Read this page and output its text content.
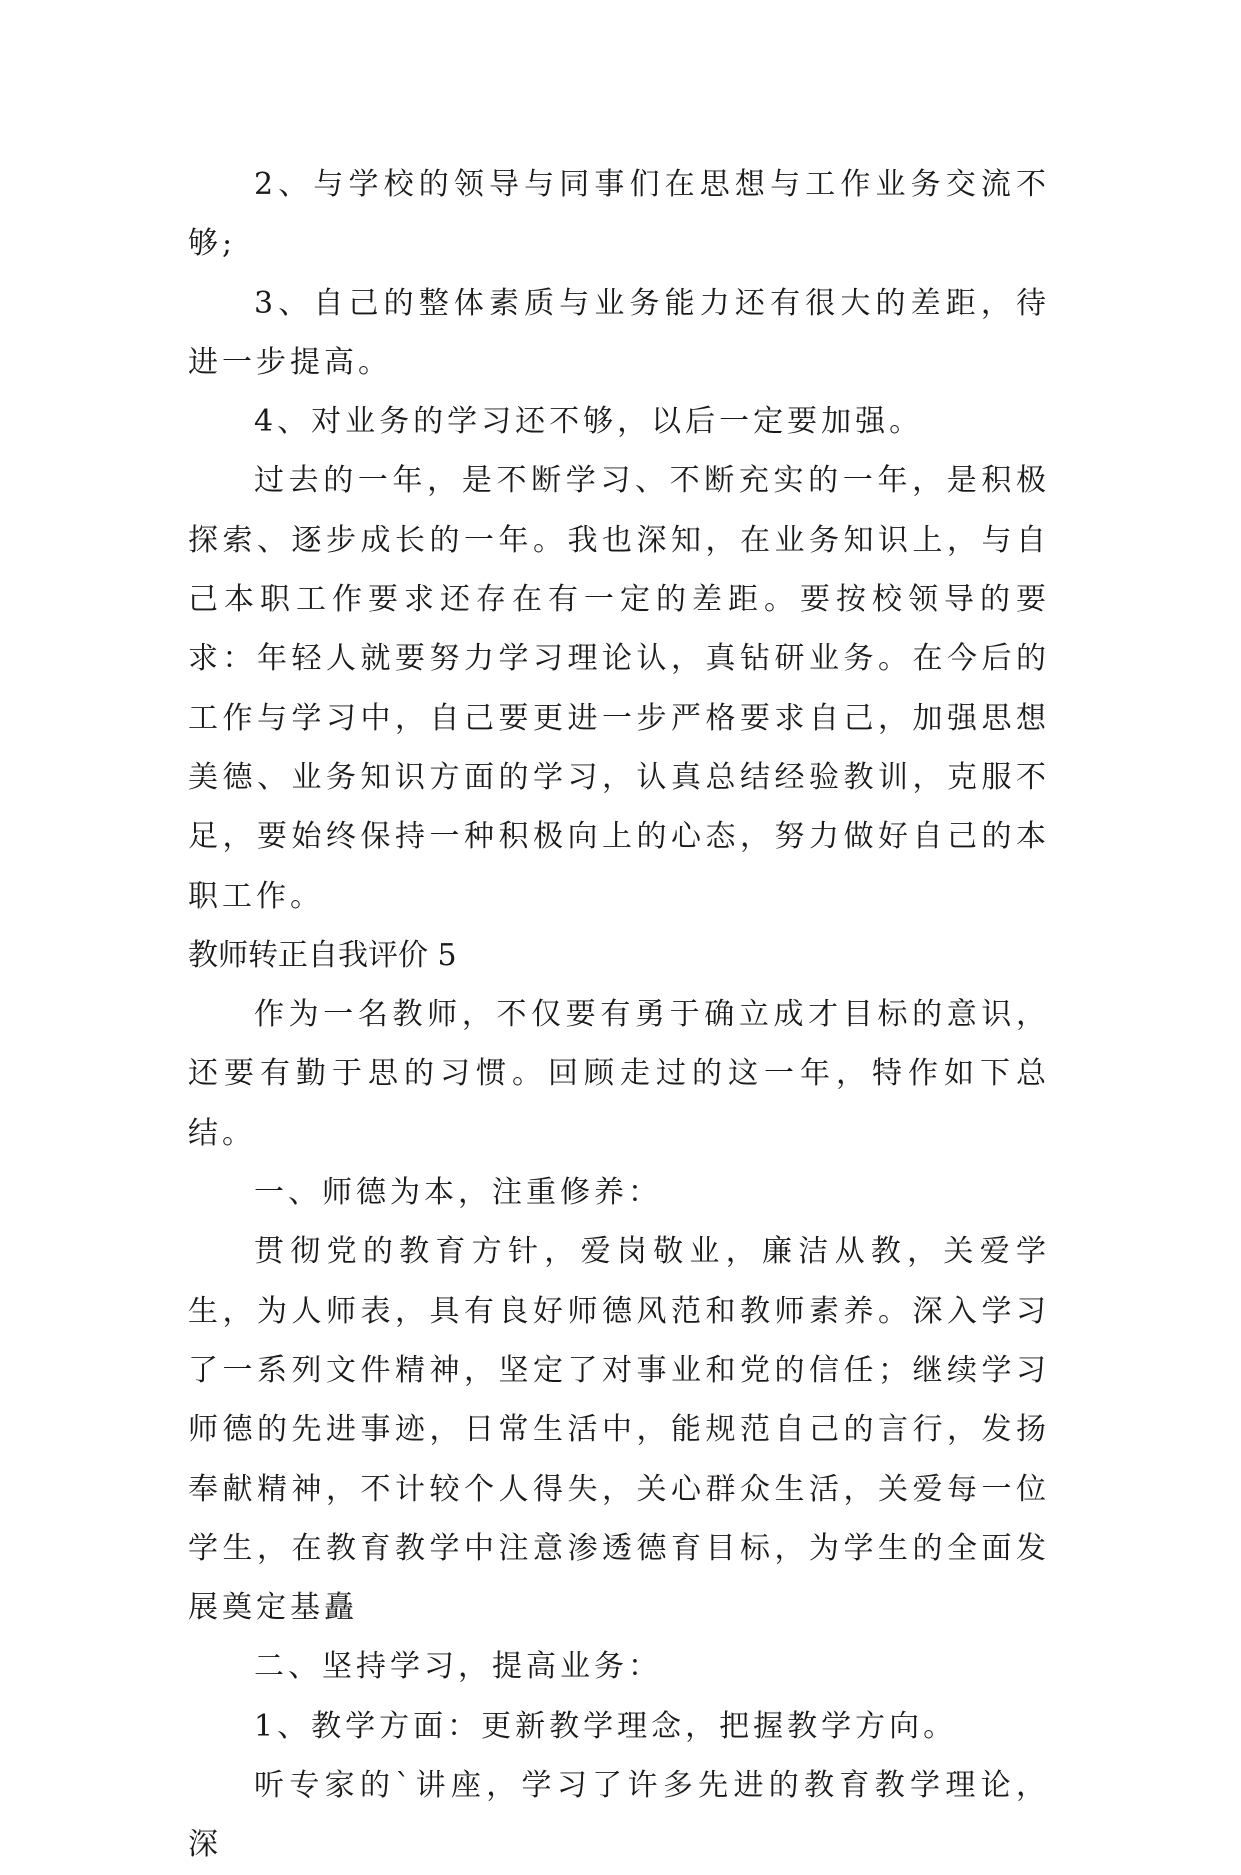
2、与学校的领导与同事们在思想与工作业务交流不够;

3、自己的整体素质与业务能力还有很大的差距，待进一步提高。

4、对业务的学习还不够，以后一定要加强。

过去的一年，是不断学习、不断充实的一年，是积极探索、逐步成长的一年。我也深知，在业务知识上，与自己本职工作要求还存在有一定的差距。要按校领导的要求：年轻人就要努力学习理论认，真钻研业务。在今后的工作与学习中，自己要更进一步严格要求自己，加强思想美德、业务知识方面的学习，认真总结经验教训，克服不足，要始终保持一种积极向上的心态，努力做好自己的本职工作。

教师转正自我评价 5

作为一名教师，不仅要有勇于确立成才目标的意识，还要有勤于思的习惯。回顾走过的这一年，特作如下总结。

一、师德为本，注重修养：

贯彻党的教育方针，爱岗敬业，廉洁从教，关爱学生，为人师表，具有良好师德风范和教师素养。深入学习了一系列文件精神，坚定了对事业和党的信任；继续学习师德的先进事迹，日常生活中，能规范自己的言行，发扬奉献精神，不计较个人得失，关心群众生活，关爱每一位学生，在教育教学中注意渗透德育目标，为学生的全面发展奠定基矗

二、坚持学习，提高业务：

1、教学方面：更新教学理念，把握教学方向。

听专家的`讲座，学习了许多先进的教育教学理论，深
